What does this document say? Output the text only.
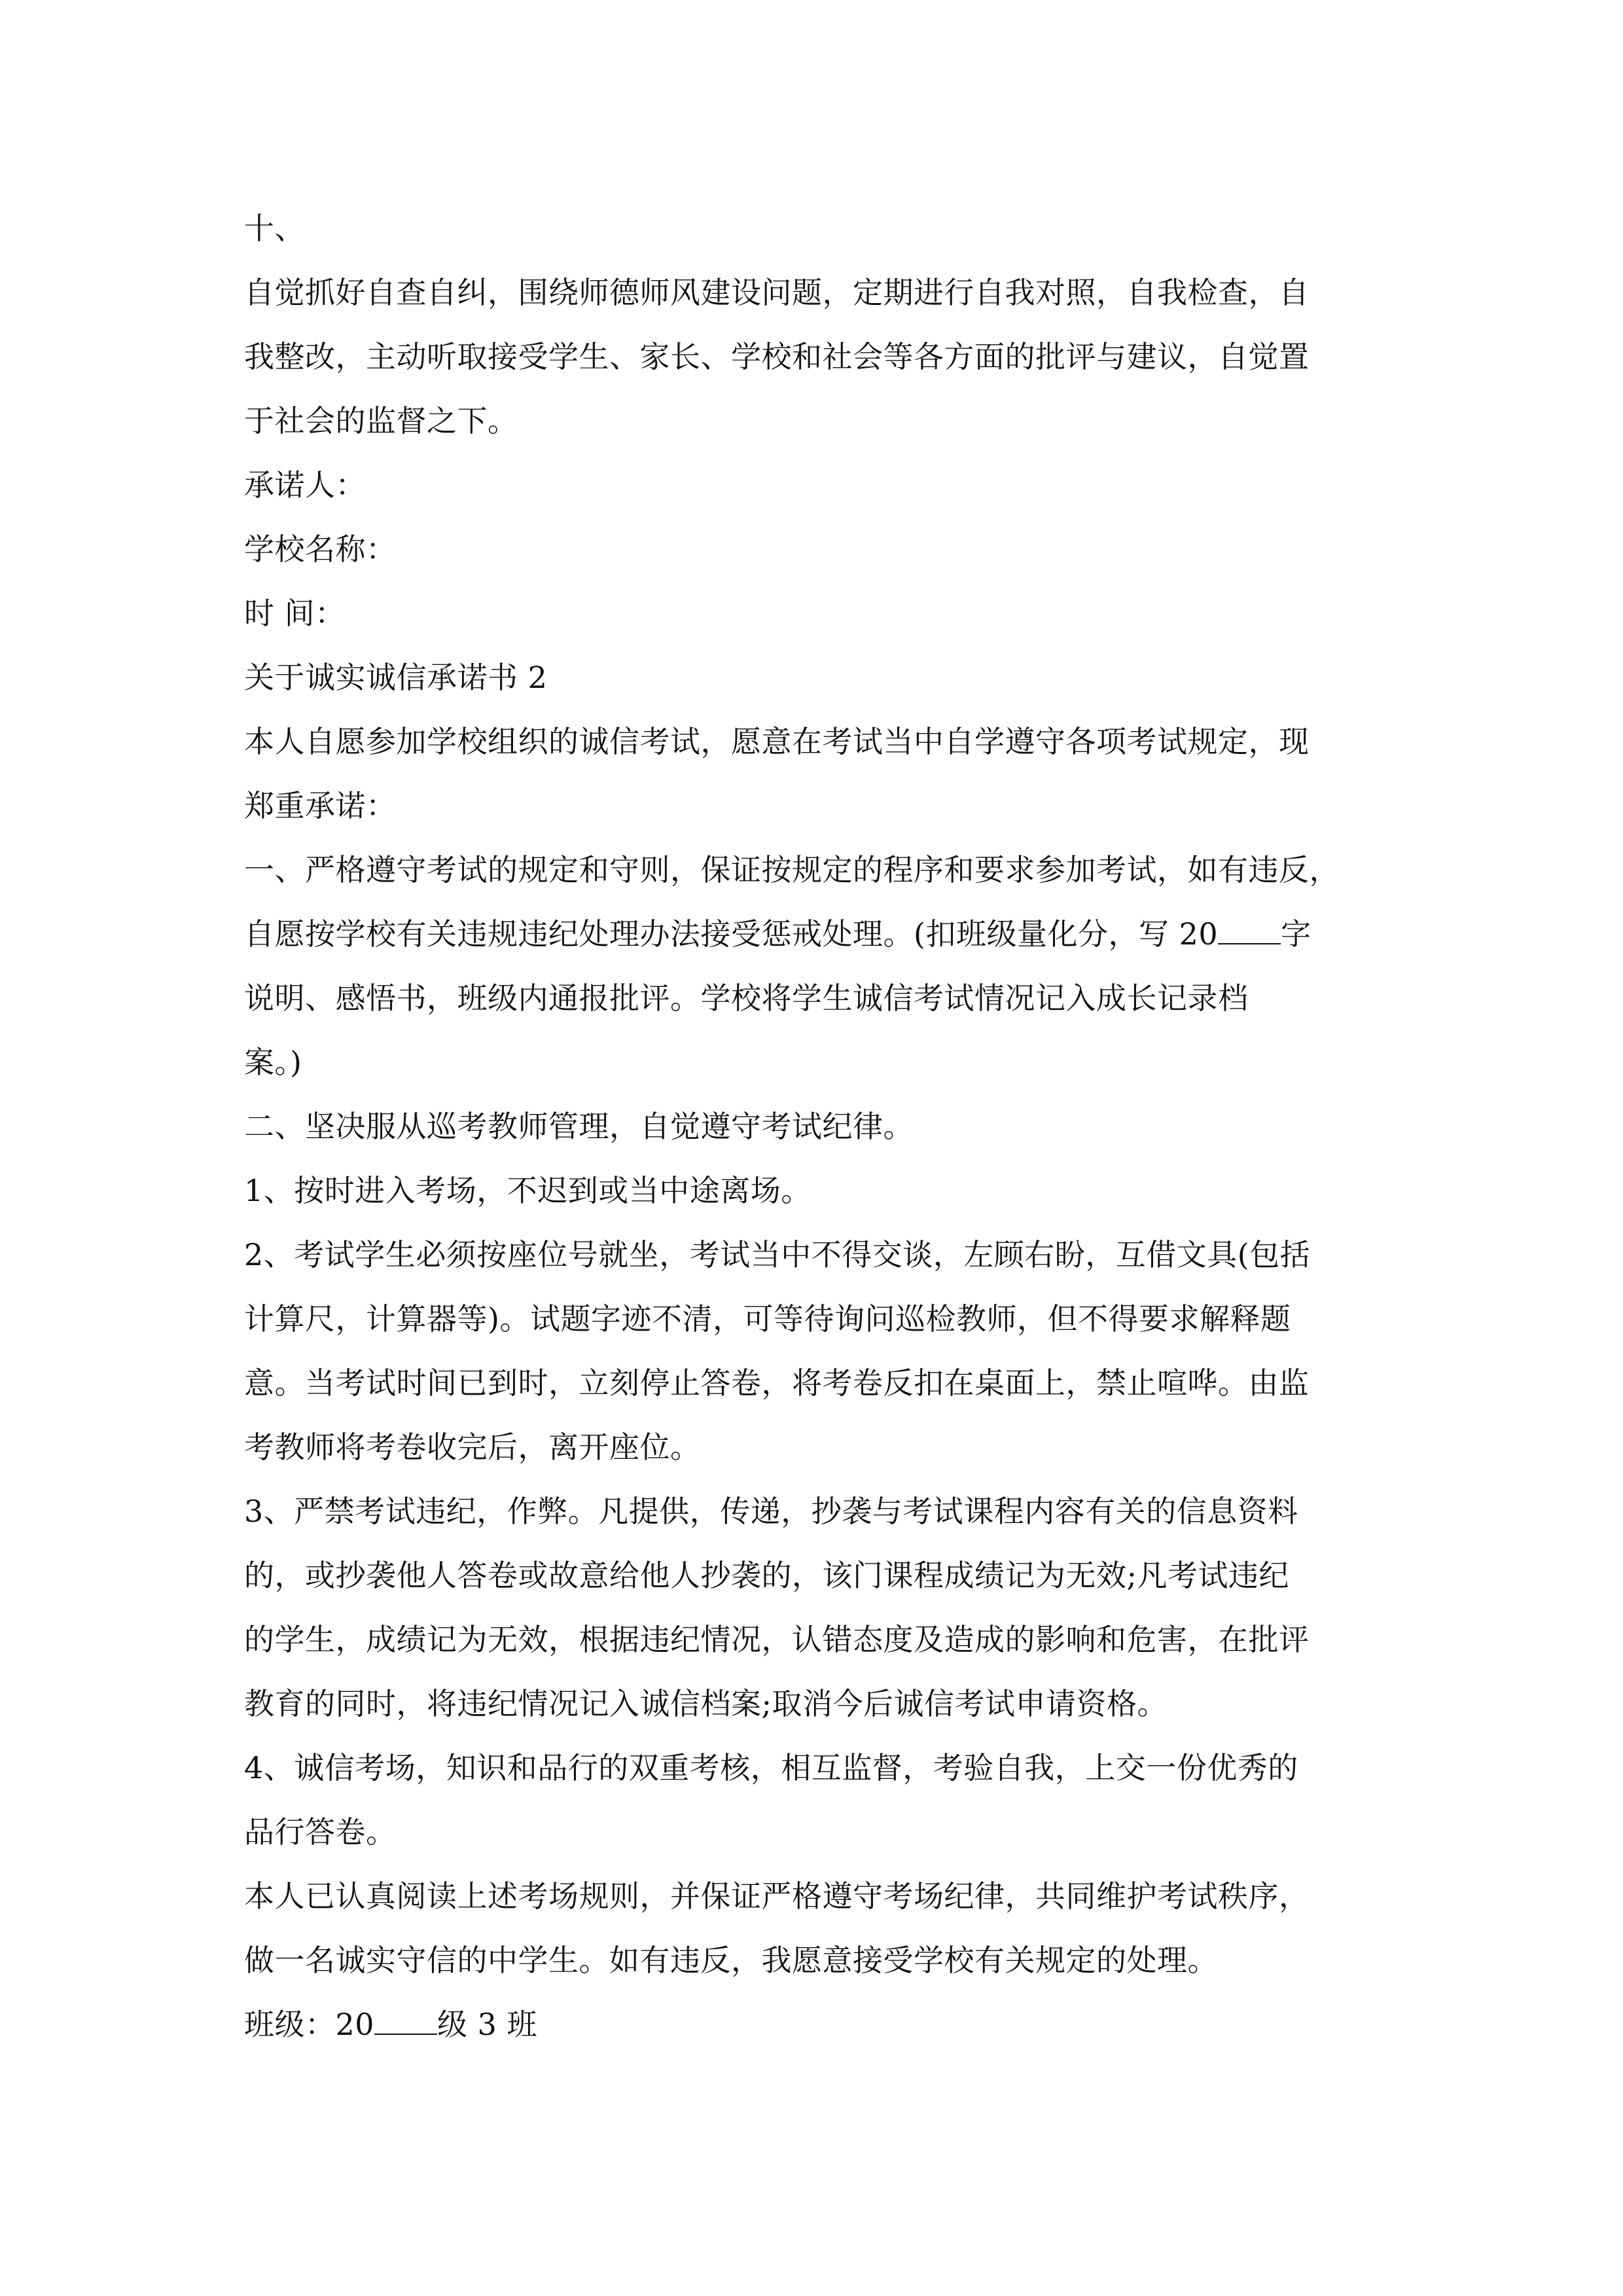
十、
自觉抓好自查自纠，围绕师德师风建设问题，定期进行自我对照，自我检查，自
我整改，主动听取接受学生、家长、学校和社会等各方面的批评与建议，自觉置
于社会的监督之下。
承诺人：
学校名称：
时 间：
关于诚实诚信承诺书 2
本人自愿参加学校组织的诚信考试，愿意在考试当中自学遵守各项考试规定，现
郑重承诺：
一、严格遵守考试的规定和守则，保证按规定的程序和要求参加考试，如有违反，
自愿按学校有关违规违纪处理办法接受惩戒处理。(扣班级量化分，写 20 字
说明、感悟书，班级内通报批评。学校将学生诚信考试情况记入成长记录档
案。)
二、坚决服从巡考教师管理，自觉遵守考试纪律。
1、按时进入考场，不迟到或当中途离场。
2、考试学生必须按座位号就坐，考试当中不得交谈，左顾右盼，互借文具(包括
计算尺，计算器等)。试题字迹不清，可等待询问巡检教师，但不得要求解释题
意。当考试时间已到时，立刻停止答卷，将考卷反扣在桌面上，禁止喧哗。由监
考教师将考卷收完后，离开座位。
3、严禁考试违纪，作弊。凡提供，传递，抄袭与考试课程内容有关的信息资料
的，或抄袭他人答卷或故意给他人抄袭的，该门课程成绩记为无效;凡考试违纪
的学生，成绩记为无效，根据违纪情况，认错态度及造成的影响和危害，在批评
教育的同时，将违纪情况记入诚信档案;取消今后诚信考试申请资格。
4、诚信考场，知识和品行的双重考核，相互监督，考验自我，上交一份优秀的
品行答卷。
本人已认真阅读上述考场规则，并保证严格遵守考场纪律，共同维护考试秩序，
做一名诚实守信的中学生。如有违反，我愿意接受学校有关规定的处理。
班级：20 级 3 班
